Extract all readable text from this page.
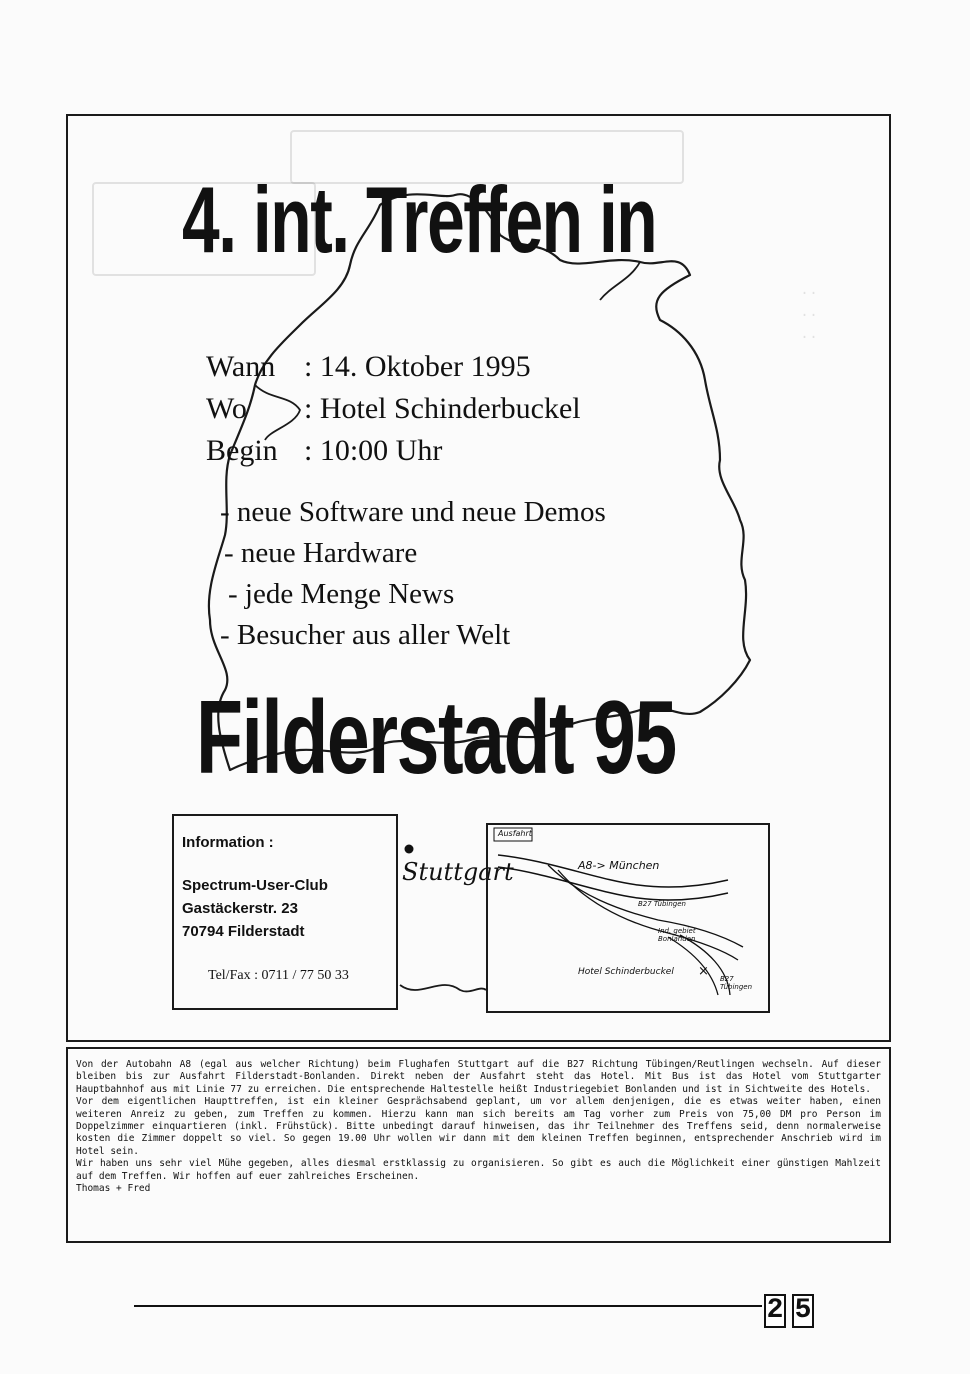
..
..
..
4. int. Treffen in
Wann : 14. Oktober 1995
Wo	: Hotel Schinderbuckel
Begin : 10:00 Uhr
- neue Software und neue Demos
- neue Hardware
- jede Menge News
- Besucher aus aller Welt
Filderstadt 95
Information :
Spectrum-User-Club
Gastäckerstr. 23
70794 Filderstadt
Tel/Fax : 0711 / 77 50 33
Stuttgart
×
Ausfahrt
A8-> München
B27 Tübingen
Ind. gebiet Bonlanden
Hotel Schinderbuckel
B27 Tübingen

Von der Autobahn A8 (egal aus welcher Richtung) beim Flughafen Stuttgart auf die B27 Richtung Tübingen/Reutlingen wechseln. Auf dieser bleiben bis zur Ausfahrt Filderstadt-Bonlanden. Direkt neben der Ausfahrt steht das Hotel. Mit Bus ist das Hotel vom Stuttgarter Hauptbahnhof aus mit Linie 77 zu erreichen. Die entsprechende Haltestelle heißt Industriegebiet Bonlanden und ist in Sichtweite des Hotels.

Vor dem eigentlichen Haupttreffen, ist ein kleiner Gesprächsabend geplant, um vor allem denjenigen, die es etwas weiter haben, einen weiteren Anreiz zu geben, zum Treffen zu kommen. Hierzu kann man sich bereits am Tag vorher zum Preis von 75,00 DM pro Person im Doppelzimmer einquartieren (inkl. Frühstück). Bitte unbedingt darauf hinweisen, das ihr Teilnehmer des Treffens seid, denn normalerweise kosten die Zimmer doppelt so viel. So gegen 19.00 Uhr wollen wir dann mit dem kleinen Treffen beginnen, entsprechender Anschrieb wird im Hotel sein.

Wir haben uns sehr viel Mühe gegeben, alles diesmal erstklassig zu organisieren. So gibt es auch die Möglichkeit einer günstigen Mahlzeit auf dem Treffen. Wir hoffen auf euer zahlreiches Erscheinen.

Thomas + Fred

2 5
